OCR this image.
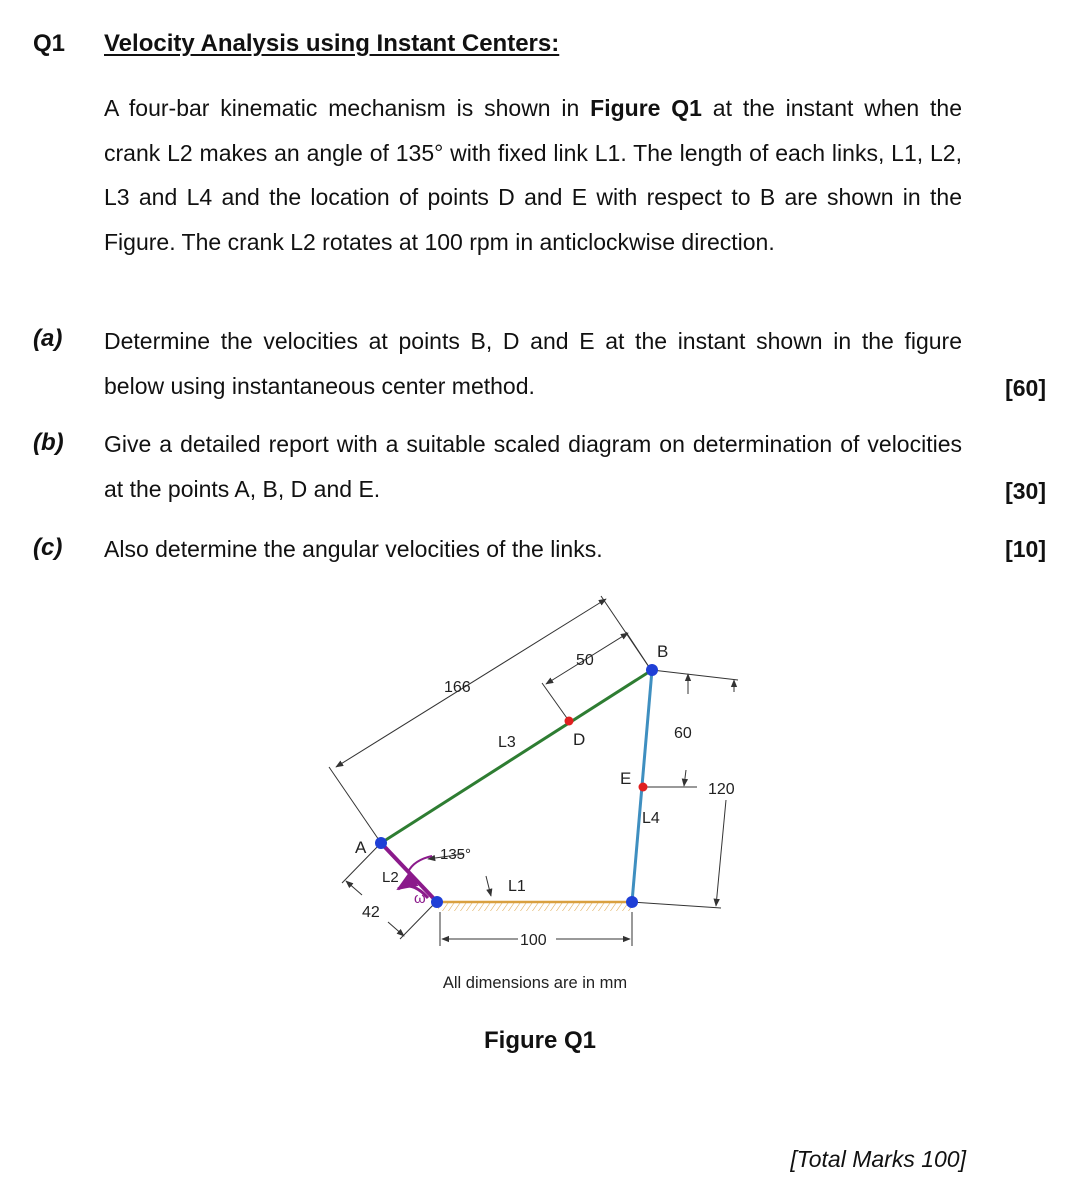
Q1 Velocity Analysis using Instant Centers:
A four-bar kinematic mechanism is shown in Figure Q1 at the instant when the crank L2 makes an angle of 135° with fixed link L1. The length of each links, L1, L2, L3 and L4 and the location of points D and E with respect to B are shown in the Figure. The crank L2 rotates at 100 rpm in anticlockwise direction.
(a) Determine the velocities at points B, D and E at the instant shown in the figure below using instantaneous center method.	[60]
(b) Give a detailed report with a suitable scaled diagram on determination of velocities at the points A, B, D and E.	[30]
(c) Also determine the angular velocities of the links.	[10]
A
B
D
E
L3
L4
L1
L2
135°
ω
166
50
60
120
42
100
All dimensions are in mm
Figure Q1
[Total Marks 100]
